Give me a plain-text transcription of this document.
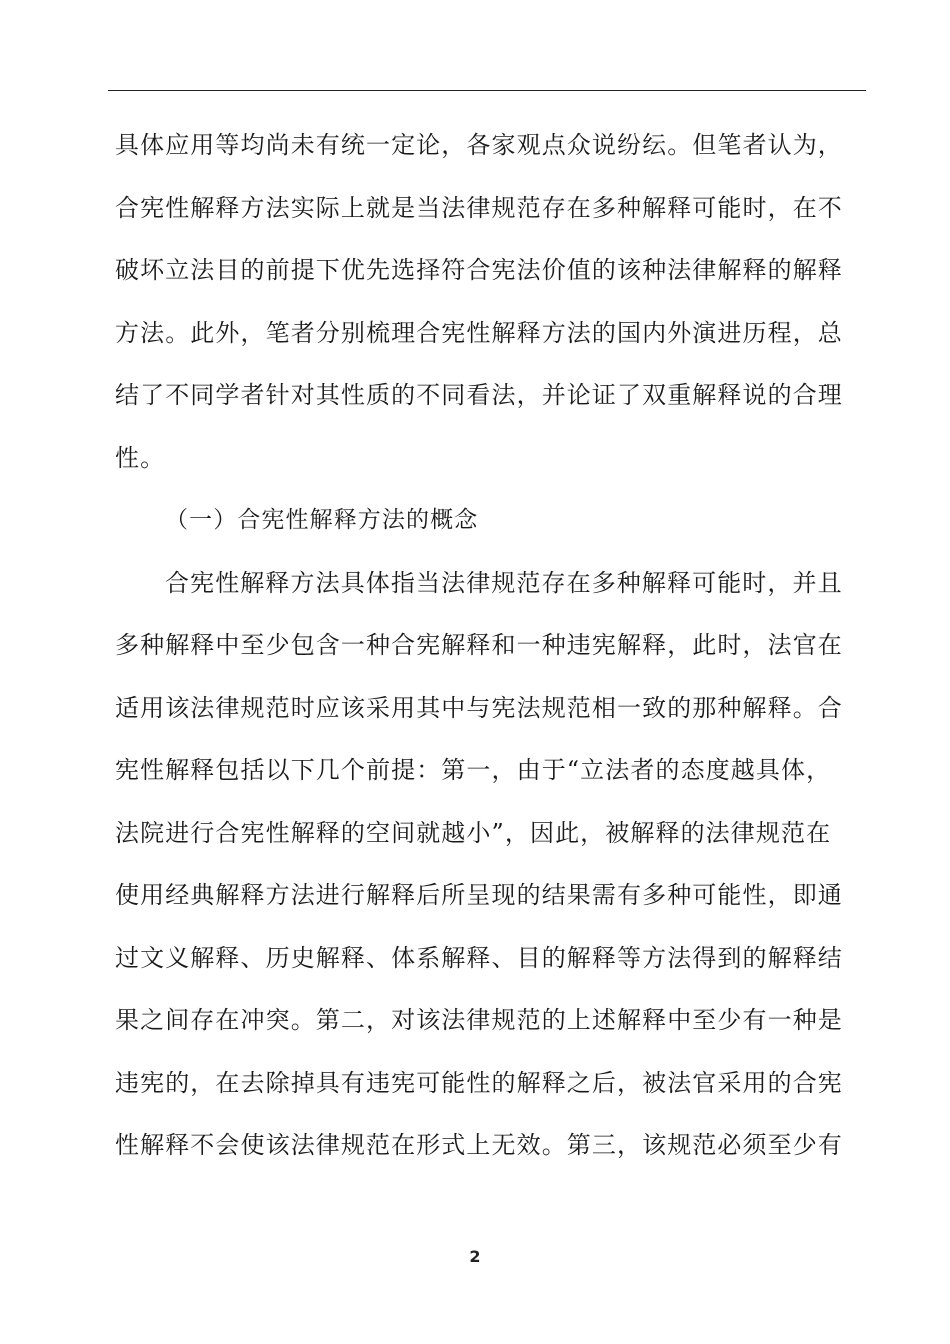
具体应用等均尚未有统一定论，各家观点众说纷纭。但笔者认为，
合宪性解释方法实际上就是当法律规范存在多种解释可能时，在不
破坏立法目的前提下优先选择符合宪法价值的该种法律解释的解释
方法。此外，笔者分别梳理合宪性解释方法的国内外演进历程，总
结了不同学者针对其性质的不同看法，并论证了双重解释说的合理
性。
（一）合宪性解释方法的概念
合宪性解释方法具体指当法律规范存在多种解释可能时，并且
多种解释中至少包含一种合宪解释和一种违宪解释，此时，法官在
适用该法律规范时应该采用其中与宪法规范相一致的那种解释。合
宪性解释包括以下几个前提：第一，由于“立法者的态度越具体，
法院进行合宪性解释的空间就越小”，因此，被解释的法律规范在
使用经典解释方法进行解释后所呈现的结果需有多种可能性，即通
过文义解释、历史解释、体系解释、目的解释等方法得到的解释结
果之间存在冲突。第二，对该法律规范的上述解释中至少有一种是
违宪的，在去除掉具有违宪可能性的解释之后，被法官采用的合宪
性解释不会使该法律规范在形式上无效。第三，该规范必须至少有
2
